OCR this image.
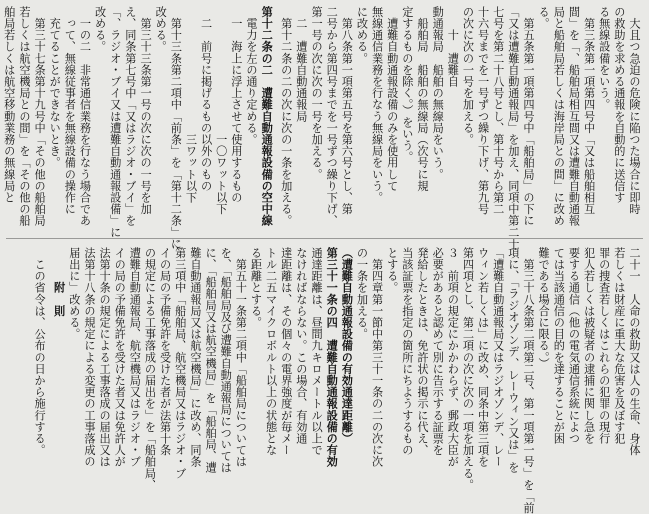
　大且つ急迫の危険に陥つた場合に即時
の救助を求める通報を自動的に送信す
る無線設備をいう。
　第三条第一項第四号中「又は船舶相互
間」を「、船舶局相互間又は遭難自動通報
局と船舶局若しくは海岸局との間」に改め
る。
　第五条第一項第四号中「船舶局」の下に
「又は遭難自動通報局」を加え、同項中第二十
七号を第二十八号とし、第十号から第二
十六号までを一号ずつ繰り下げ、第九号
の次に次の一号を加える。
　　十　遭難自
動通報局　船舶の無線局をいう。
　船舶局　船舶の無線局（次号に規
定するものを除く。）をいう。
　遭難自動通報設備のみを使用して
無線通信業務を行なう無線局をいう。
に改める。
　第八条第一項第五号を第六号とし、第
二号から第四号までを一号ずつ繰り下げ、
第一号の次に次の一号を加える。
　二　遭難自動通報局
　第十二条の二の次に次の一条を加える。
第十二条の二　遭難自動通報設備の空中線
　電力を左の通り定める。
　一　海上に浮上させて使用するもの
　　　　　　　　　　　一〇ワット以下
　二　前号に掲げるもの以外のもの
　　　　　　　　　　　三ワット以下
　第十三条第二項中「前条」を「第十二条」に
改める。
　第三十三条第一号の次に次の一号を加
え、同条第七号中「又はラジオ・ブイ」を
「、ラジオ・ブイ又は遭難自動通報設備」に
改める。
　一の二　非常通信業務を行なう場合であ
　って、無線従事者を無線設備の操作に
　充てることができないとき。
　第三十七条第十九号中「その他の船舶局
若しくは航空機局との間」を「その他の船
舶局若しくは航空移動業務の無線局と
二十一　人命の救助又は人の生命、身体
若しくは財産に重大な危害を及ぼす犯
罪の捜査若しくはこれらの犯罪の現行
犯人若しくは被疑者の逮捕に関し急を
要する通信（他の電気通信系統によつ
ては当該通信の目的を達することが困
難である場合に限る。）
　第三十八条第二項第二号、第一項第一号」を「前
項に、「ラジオゾンデ、レーウィン又は」を
「遭難自動通報局又はラジオゾンデ、レー
ウィン若しくは」に改め、同条中第三項を
第四項とし、第二項の次に次の一項を加える。
３　前項の規定にかかわらず、郵政大臣が
必要があると認めて別に告示する証票を
発給したときは、免許状の掲示に代え、
当該証票を指定の箇所にちようするもの
とする。
　第四章第一節中第三十一条の二の次に次
の一条を加える。
（遭難自動通報設備の有効通達距離）
第三十一条の四　遭難自動通報設備の有効
通達距離は、昼間九キロメートル以上で
なければならない。この場合、有効通
達距離は、その個々の電界強度が毎メー
トル二五マイクロボルト以上の状態とな
る距離とする。
　第五十一条第二項中「船舶局については
を、「船舶局及び遭難自動通報局については
に、「船舶局又は航空機局」を「船舶局、遭
難自動通報局又は航空機局」に改め、同条
第三項中「船舶局、航空機局又はラジオ・ブ
イの局の予備免許を受けた者が法第十条
の規定による工事落成の届出を」を「船舶局、
遭難自動通報局、航空機局又はラジオ・ブ
イの局の予備免許を受けた者又は免許人が
法第十条の規定による工事落成の届出又は
法第十八条の規定による変更の工事落成の
届出に」改める。
　　　附　則
　この省令は、公布の日から施行する。
